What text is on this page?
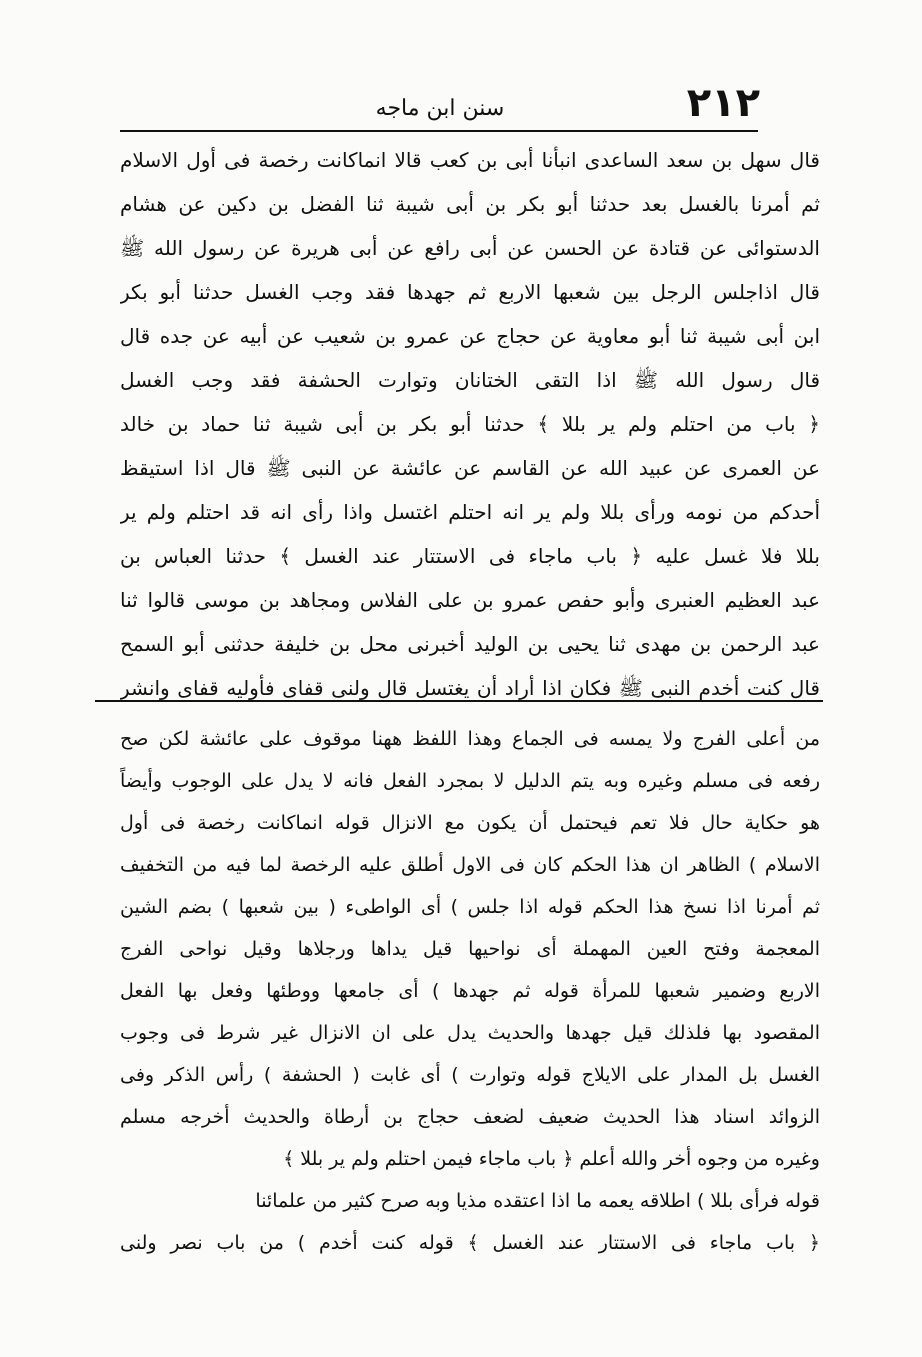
٢١٢
سنن ابن ماجه
قال سهل بن سعد الساعدى انبأنا أبى بن كعب قالا انماكانت رخصة فى أول الاسلام
ثم أمرنا بالغسل بعد حدثنا أبو بكر بن أبى شيبة ثنا الفضل بن دكين عن هشام
الدستوائى عن قتادة عن الحسن عن أبى رافع عن أبى هريرة عن رسول الله ﷺ
قال اذاجلس الرجل بين شعبها الاربع ثم جهدها فقد وجب الغسل حدثنا أبو بكر
ابن أبى شيبة ثنا أبو معاوية عن حجاج عن عمرو بن شعيب عن أبيه عن جده قال
قال رسول الله ﷺ اذا التقى الختانان وتوارت الحشفة فقد وجب الغسل
﴿ باب من احتلم ولم ير بللا ﴾ حدثنا أبو بكر بن أبى شيبة ثنا حماد بن خالد
عن العمرى عن عبيد الله عن القاسم عن عائشة عن النبى ﷺ قال اذا استيقظ
أحدكم من نومه ورأى بللا ولم ير انه احتلم اغتسل واذا رأى انه قد احتلم ولم ير
بللا فلا غسل عليه ﴿ باب ماجاء فى الاستتار عند الغسل ﴾ حدثنا العباس بن
عبد العظيم العنبرى وأبو حفص عمرو بن على الفلاس ومجاهد بن موسى قالوا ثنا
عبد الرحمن بن مهدى ثنا يحيى بن الوليد أخبرنى محل بن خليفة حدثنى أبو السمح
قال كنت أخدم النبى ﷺ فكان اذا أراد أن يغتسل قال ولنى قفاى فأوليه قفاى وانشر
من أعلى الفرج ولا يمسه فى الجماع وهذا اللفظ ههنا موقوف على عائشة لكن صح
رفعه فى مسلم وغيره وبه يتم الدليل لا بمجرد الفعل فانه لا يدل على الوجوب وأيضاً
هو حكاية حال فلا تعم فيحتمل أن يكون مع الانزال قوله انماكانت رخصة فى أول
الاسلام ) الظاهر ان هذا الحكم كان فى الاول أطلق عليه الرخصة لما فيه من التخفيف
ثم أمرنا اذا نسخ هذا الحكم قوله اذا جلس ) أى الواطىء ( بين شعبها ) بضم الشين
المعجمة وفتح العين المهملة أى نواحيها قيل يداها ورجلاها وقيل نواحى الفرج
الاربع وضمير شعبها للمرأة قوله ثم جهدها ) أى جامعها ووطئها وفعل بها الفعل
المقصود بها فلذلك قيل جهدها والحديث يدل على ان الانزال غير شرط فى وجوب
الغسل بل المدار على الايلاج قوله وتوارت ) أى غابت ( الحشفة ) رأس الذكر وفى
الزوائد اسناد هذا الحديث ضعيف لضعف حجاج بن أرطاة والحديث أخرجه مسلم
وغيره من وجوه أخر والله أعلم ﴿ باب ماجاء فيمن احتلم ولم ير بللا ﴾
قوله فرأى بللا ) اطلاقه يعمه ما اذا اعتقده مذيا وبه صرح كثير من علمائنا
﴿ باب ماجاء فى الاستتار عند الغسل ﴾ قوله كنت أخدم ) من باب نصر ولنى
